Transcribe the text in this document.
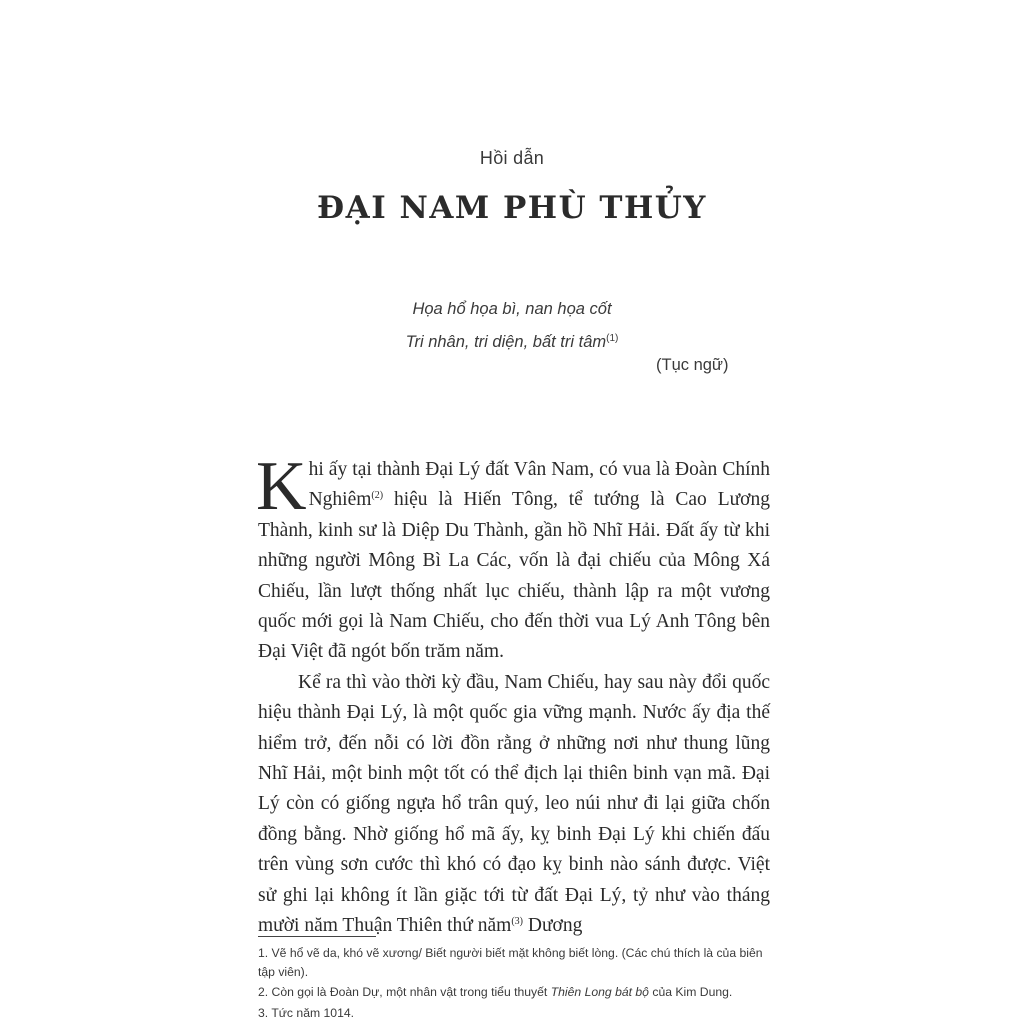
Hồi dẫn
ĐẠI NAM PHÙ THỦY
Họa hổ họa bì, nan họa cốt
Tri nhân, tri diện, bất tri tâm$^{(1)}$
(Tục ngữ)

Khi ấy tại thành Đại Lý đất Vân Nam, có vua là Đoàn Chính Nghiêm$^{(2)}$ hiệu là Hiến Tông, tể tướng là Cao Lương Thành, kinh sư là Diệp Du Thành, gần hồ Nhĩ Hải. Đất ấy từ khi những người Mông Bì La Các, vốn là đại chiếu của Mông Xá Chiếu, lần lượt thống nhất lục chiếu, thành lập ra một vương quốc mới gọi là Nam Chiếu, cho đến thời vua Lý Anh Tông bên Đại Việt đã ngót bốn trăm năm.

Kể ra thì vào thời kỳ đầu, Nam Chiếu, hay sau này đổi quốc hiệu thành Đại Lý, là một quốc gia vững mạnh. Nước ấy địa thế hiểm trở, đến nỗi có lời đồn rằng ở những nơi như thung lũng Nhĩ Hải, một binh một tốt có thể địch lại thiên binh vạn mã. Đại Lý còn có giống ngựa hổ trân quý, leo núi như đi lại giữa chốn đồng bằng. Nhờ giống hổ mã ấy, kỵ binh Đại Lý khi chiến đấu trên vùng sơn cước thì khó có đạo kỵ binh nào sánh được. Việt sử ghi lại không ít lần giặc tới từ đất Đại Lý, tỷ như vào tháng mười năm Thuận Thiên thứ năm$^{(3)}$ Dương

1. Vẽ hổ vẽ da, khó vẽ xương/ Biết người biết mặt không biết lòng. (Các chú thích là của biên tập viên).
2. Còn gọi là Đoàn Dự, một nhân vật trong tiểu thuyết Thiên Long bát bộ của Kim Dung.
3. Tức năm 1014.
